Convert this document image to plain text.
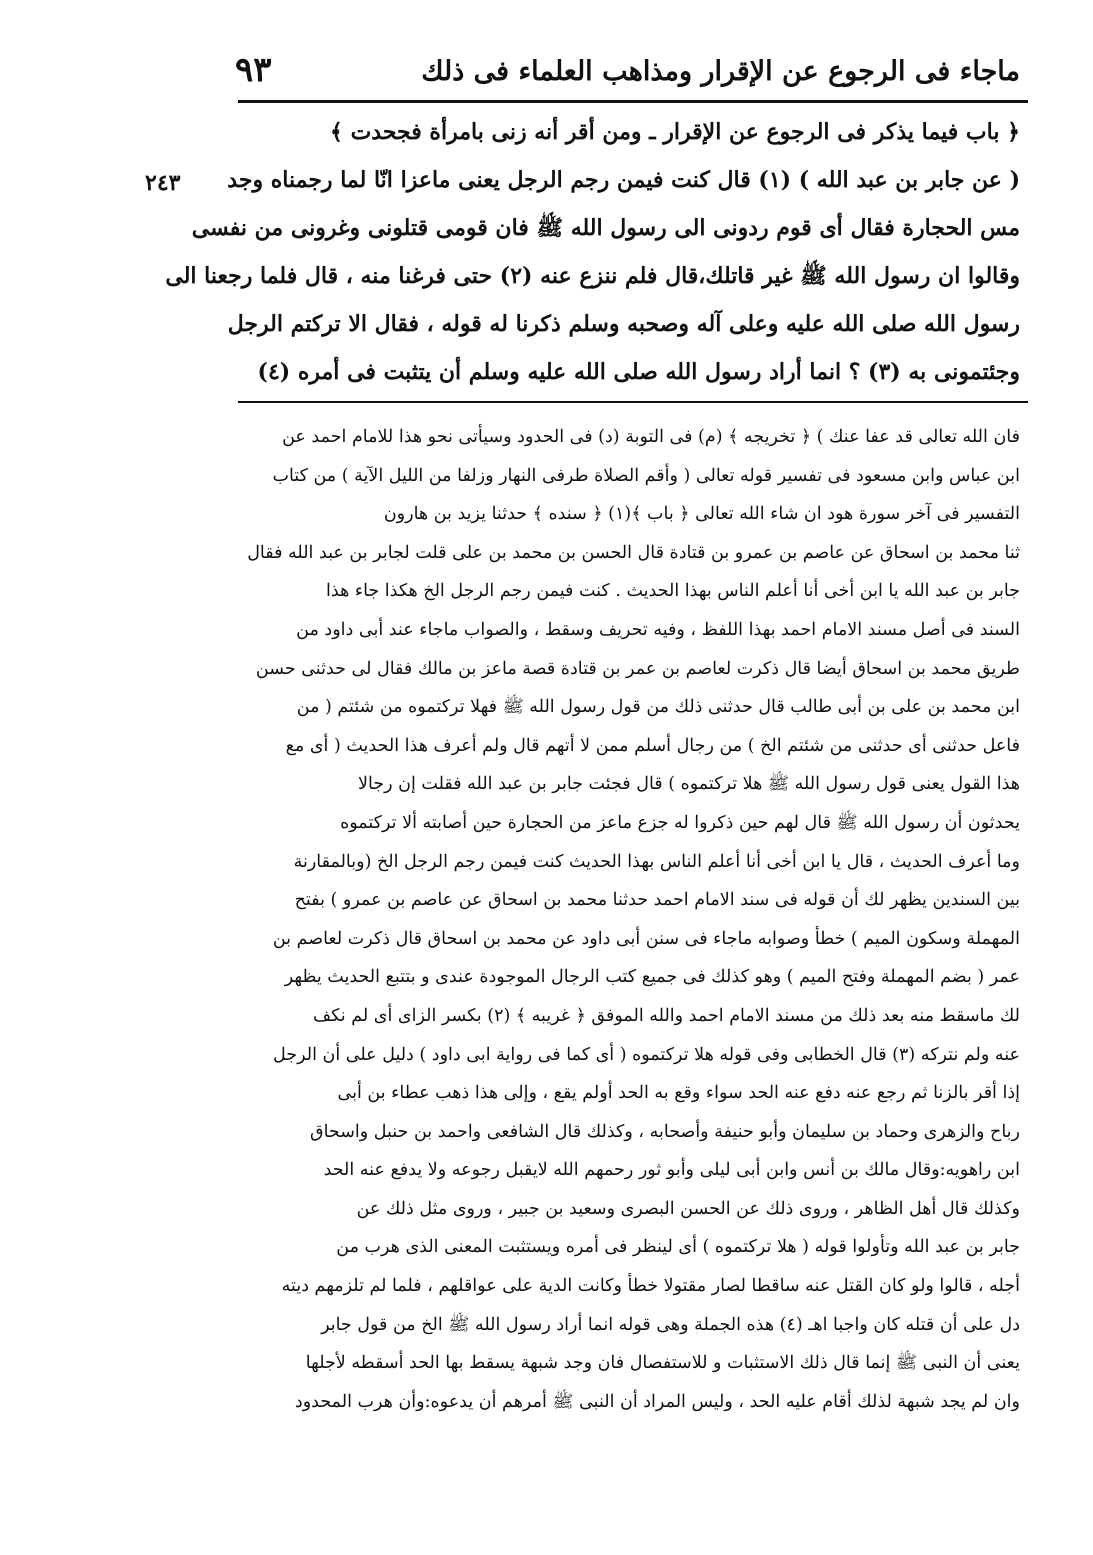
ماجاء فى الرجوع عن الإقرار ومذاهب العلماء فى ذلك
٩٣
٢٤٣
﴿ باب فيما يذكر فى الرجوع عن الإقرار ـ ومن أقر أنه زنى بامرأة فجحدت ﴾
( عن جابر بن عبد الله ) (١) قال كنت فيمن رجم الرجل يعنى ماعزا انّا لما رجمناه وجد
مس الحجارة فقال أى قوم ردونى الى رسول الله ﷺ فان قومى قتلونى وغرونى من نفسى
وقالوا ان رسول الله ﷺ غير قاتلك،قال فلم ننزع عنه (٢) حتى فرغنا منه ، قال فلما رجعنا الى
رسول الله صلى الله عليه وعلى آله وصحبه وسلم ذكرنا له قوله ، فقال الا تركتم الرجل
وجئتمونى به (٣) ؟ انما أراد رسول الله صلى الله عليه وسلم أن يتثبت فى أمره (٤)
فان الله تعالى قد عفا عنك ) ﴿ تخريجه ﴾ (م) فى التوبة (د) فى الحدود وسيأتى نحو هذا للامام احمد عن
ابن عباس وابن مسعود فى تفسير قوله تعالى ( وأقم الصلاة طرفى النهار وزلفا من الليل الآية ) من كتاب
التفسير فى آخر سورة هود ان شاء الله تعالى ﴿ باب ﴾(١) ﴿ سنده ﴾ حدثنا يزيد بن هارون
ثنا محمد بن اسحاق عن عاصم بن عمرو بن قتادة قال الحسن بن محمد بن على قلت لجابر بن عبد الله فقال
جابر بن عبد الله يا ابن أخى أنا أعلم الناس بهذا الحديث . كنت فيمن رجم الرجل الخ هكذا جاء هذا
السند فى أصل مسند الامام احمد بهذا اللفظ ، وفيه تحريف وسقط ، والصواب ماجاء عند أبى داود من
طريق محمد بن اسحاق أيضا قال ذكرت لعاصم بن عمر بن قتادة قصة ماعز بن مالك فقال لى حدثنى حسن
ابن محمد بن على بن أبى طالب قال حدثنى ذلك من قول رسول الله ﷺ فهلا تركتموه من شئتم ( من
فاعل حدثنى أى حدثنى من شئتم الخ ) من رجال أسلم ممن لا أتهم قال ولم أعرف هذا الحديث ( أى مع
هذا القول يعنى قول رسول الله ﷺ هلا تركتموه ) قال فجئت جابر بن عبد الله فقلت إن رجالا
يحدثون أن رسول الله ﷺ قال لهم حين ذكروا له جزع ماعز من الحجارة حين أصابته ألا تركتموه
وما أعرف الحديث ، قال يا ابن أخى أنا أعلم الناس بهذا الحديث كنت فيمن رجم الرجل الخ (وبالمقارنة
بين السندين يظهر لك أن قوله فى سند الامام احمد حدثنا محمد بن اسحاق عن عاصم بن عمرو ) بفتح
المهملة وسكون الميم ) خطأ وصوابه ماجاء فى سنن أبى داود عن محمد بن اسحاق قال ذكرت لعاصم بن
عمر ( بضم المهملة وفتح الميم ) وهو كذلك فى جميع كتب الرجال الموجودة عندى و بتتبع الحديث يظهر
لك ماسقط منه بعد ذلك من مسند الامام احمد والله الموفق ﴿ غريبه ﴾ (٢) بكسر الزاى أى لم نكف
عنه ولم نتركه (٣) قال الخطابى وفى قوله هلا تركتموه ( أى كما فى رواية ابى داود ) دليل على أن الرجل
إذا أقر بالزنا ثم رجع عنه دفع عنه الحد سواء وقع به الحد أولم يقع ، وإلى هذا ذهب عطاء بن أبى
رباح والزهرى وحماد بن سليمان وأبو حنيفة وأصحابه ، وكذلك قال الشافعى واحمد بن حنبل واسحاق
ابن راهويه:وقال مالك بن أنس وابن أبى ليلى وأبو ثور رحمهم الله لايقبل رجوعه ولا يدفع عنه الحد
وكذلك قال أهل الظاهر ، وروى ذلك عن الحسن البصرى وسعيد بن جبير ، وروى مثل ذلك عن
جابر بن عبد الله وتأولوا قوله ( هلا تركتموه ) أى لينظر فى أمره ويستثبت المعنى الذى هرب من
أجله ، قالوا ولو كان القتل عنه ساقطا لصار مقتولا خطأ وكانت الدية على عواقلهم ، فلما لم تلزمهم ديته
دل على أن قتله كان واجبا اهـ (٤) هذه الجملة وهى قوله انما أراد رسول الله ﷺ الخ من قول جابر
يعنى أن النبى ﷺ إنما قال ذلك الاستثبات و للاستفصال فان وجد شبهة يسقط بها الحد أسقطه لأجلها
وان لم يجد شبهة لذلك أقام عليه الحد ، وليس المراد أن النبى ﷺ أمرهم أن يدعوه:وأن هرب المحدود
